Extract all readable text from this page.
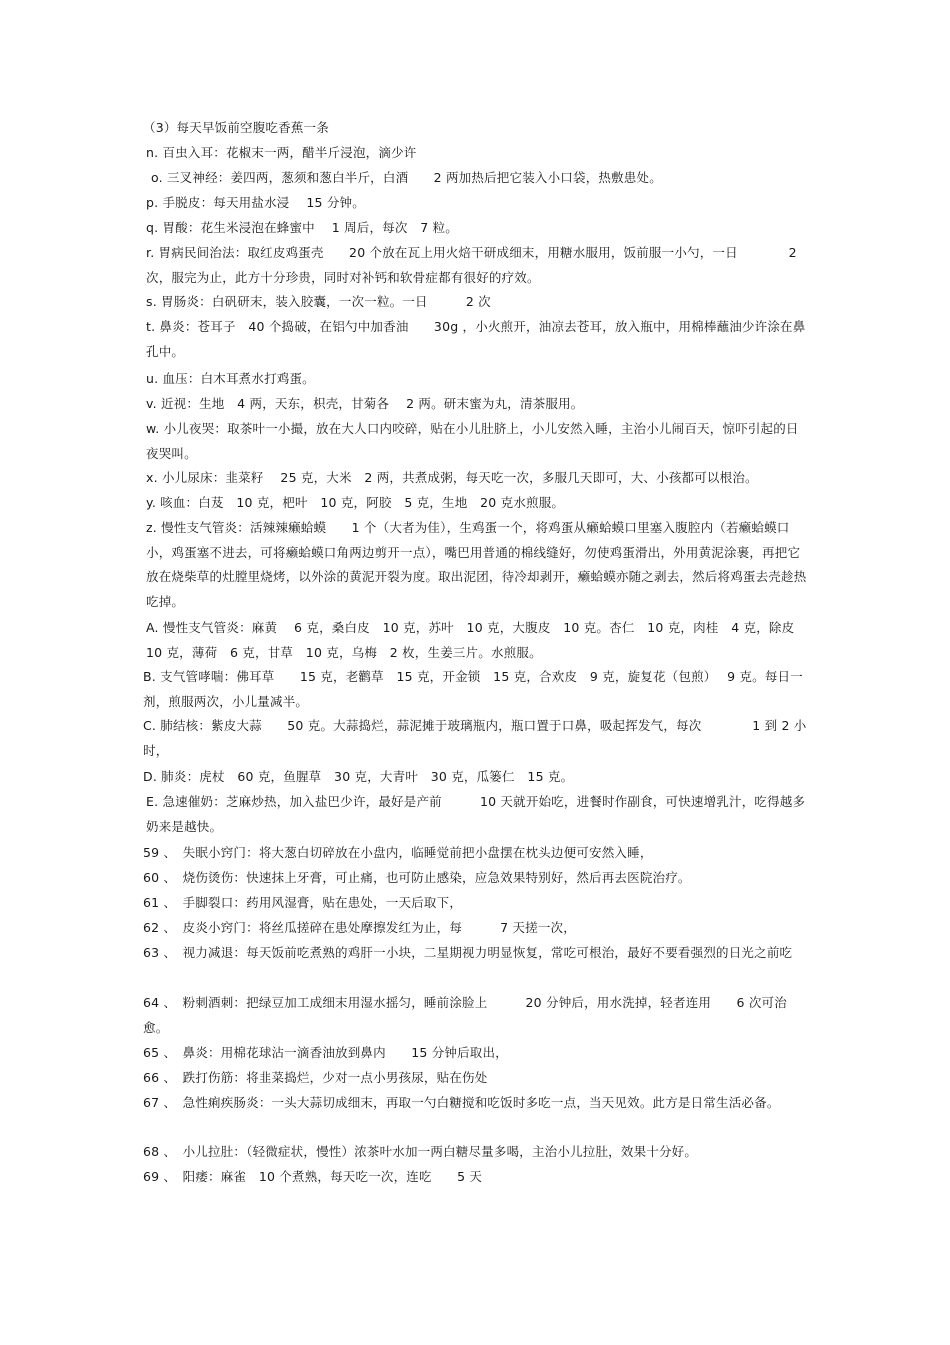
（3）每天早饭前空腹吃香蕉一条
n. 百虫入耳：花椒末一两，醋半斤浸泡，滴少许
o. 三叉神经：姜四两，葱须和葱白半斤，白酒　　2 两加热后把它装入小口袋，热敷患处。
p. 手脱皮：每天用盐水浸　 15 分钟。
q. 胃酸：花生米浸泡在蜂蜜中　 1 周后，每次　7 粒。
r. 胃病民间治法：取红皮鸡蛋壳　　20 个放在瓦上用火焙干研成细末，用糖水服用，饭前服一小勺，一日　　　　2 次，服完为止，此方十分珍贵，同时对补钙和软骨症都有很好的疗效。
s. 胃肠炎：白矾研末，装入胶囊，一次一粒。一日　　　2 次
t. 鼻炎：苍耳子　40 个捣破，在铝勺中加香油　　30g ，小火煎开，油凉去苍耳，放入瓶中，用棉棒蘸油少许涂在鼻孔中。
u. 血压：白木耳煮水打鸡蛋。
v. 近视：生地　4 两，天东，枳壳，甘菊各　 2 两。研末蜜为丸，清茶服用。
w. 小儿夜哭：取茶叶一小撮，放在大人口内咬碎，贴在小儿肚脐上，小儿安然入睡，主治小儿闹百天，惊吓引起的日夜哭叫。
x. 小儿尿床：韭菜籽　 25 克，大米　2 两，共煮成粥，每天吃一次，多服几天即可，大、小孩都可以根治。
y. 咳血：白芨　10 克，杷叶　10 克，阿胶　5 克，生地　20 克水煎服。
z. 慢性支气管炎：活辣辣癞蛤蟆　　1 个（大者为佳），生鸡蛋一个，将鸡蛋从癞蛤蟆口里塞入腹腔内（若癞蛤蟆口小，鸡蛋塞不进去，可将癞蛤蟆口角两边剪开一点），嘴巴用普通的棉线缝好，勿使鸡蛋滑出，外用黄泥涂裹，再把它放在烧柴草的灶膛里烧烤，以外涂的黄泥开裂为度。取出泥团，待冷却剥开，癞蛤蟆亦随之剥去，然后将鸡蛋去壳趁热吃掉。
A. 慢性支气管炎：麻黄　 6 克，桑白皮　10 克，苏叶　10 克，大腹皮　10 克。杏仁　10 克，肉桂　4 克，除皮　10 克，薄荷　6 克，甘草　10 克，乌梅　2 枚，生姜三片。水煎服。
B. 支气管哮喘：佛耳草　　15 克，老鹳草　15 克，开金锁　15 克，合欢皮　9 克，旋复花（包煎）　 9 克。每日一剂，煎服两次，小儿量减半。
C. 肺结核：紫皮大蒜　　50 克。大蒜捣烂，蒜泥摊于玻璃瓶内，瓶口置于口鼻，吸起挥发气，每次　　　　1 到 2 小时，
D. 肺炎：虎杖　60 克，鱼腥草　30 克，大青叶　30 克，瓜篓仁　15 克。
E. 急速催奶：芝麻炒热，加入盐巴少许，最好是产前　　　10 天就开始吃，进餐时作副食，可快速增乳汁，吃得越多奶来是越快。
59 、　失眠小窍门：将大葱白切碎放在小盘内，临睡觉前把小盘摆在枕头边便可安然入睡，
60 、　烧伤烫伤：快速抹上牙膏，可止痛，也可防止感染，应急效果特别好，然后再去医院治疗。
61 、　手脚裂口：药用风湿膏，贴在患处，一天后取下，
62 、　皮炎小窍门：将丝瓜搓碎在患处摩擦发红为止，每　　　7 天搓一次，
63 、　视力减退：每天饭前吃煮熟的鸡肝一小块，二星期视力明显恢复，常吃可根治，最好不要看强烈的日光之前吃
64 、　粉刺酒刺：把绿豆加工成细末用湿水摇匀，睡前涂脸上　　　20 分钟后，用水洗掉，轻者连用　　6 次可治愈。
65 、　鼻炎：用棉花球沾一滴香油放到鼻内　　15 分钟后取出，
66 、　跌打伤筋：将韭菜捣烂，少对一点小男孩尿，贴在伤处
67 、　急性痢疾肠炎：一头大蒜切成细末，再取一勺白糖搅和吃饭时多吃一点，当天见效。此方是日常生活必备。
68 、　小儿拉肚：（轻微症状，慢性）浓茶叶水加一两白糖尽量多喝，主治小儿拉肚，效果十分好。
69 、　阳痿：麻雀　10 个煮熟，每天吃一次，连吃　　5 天
